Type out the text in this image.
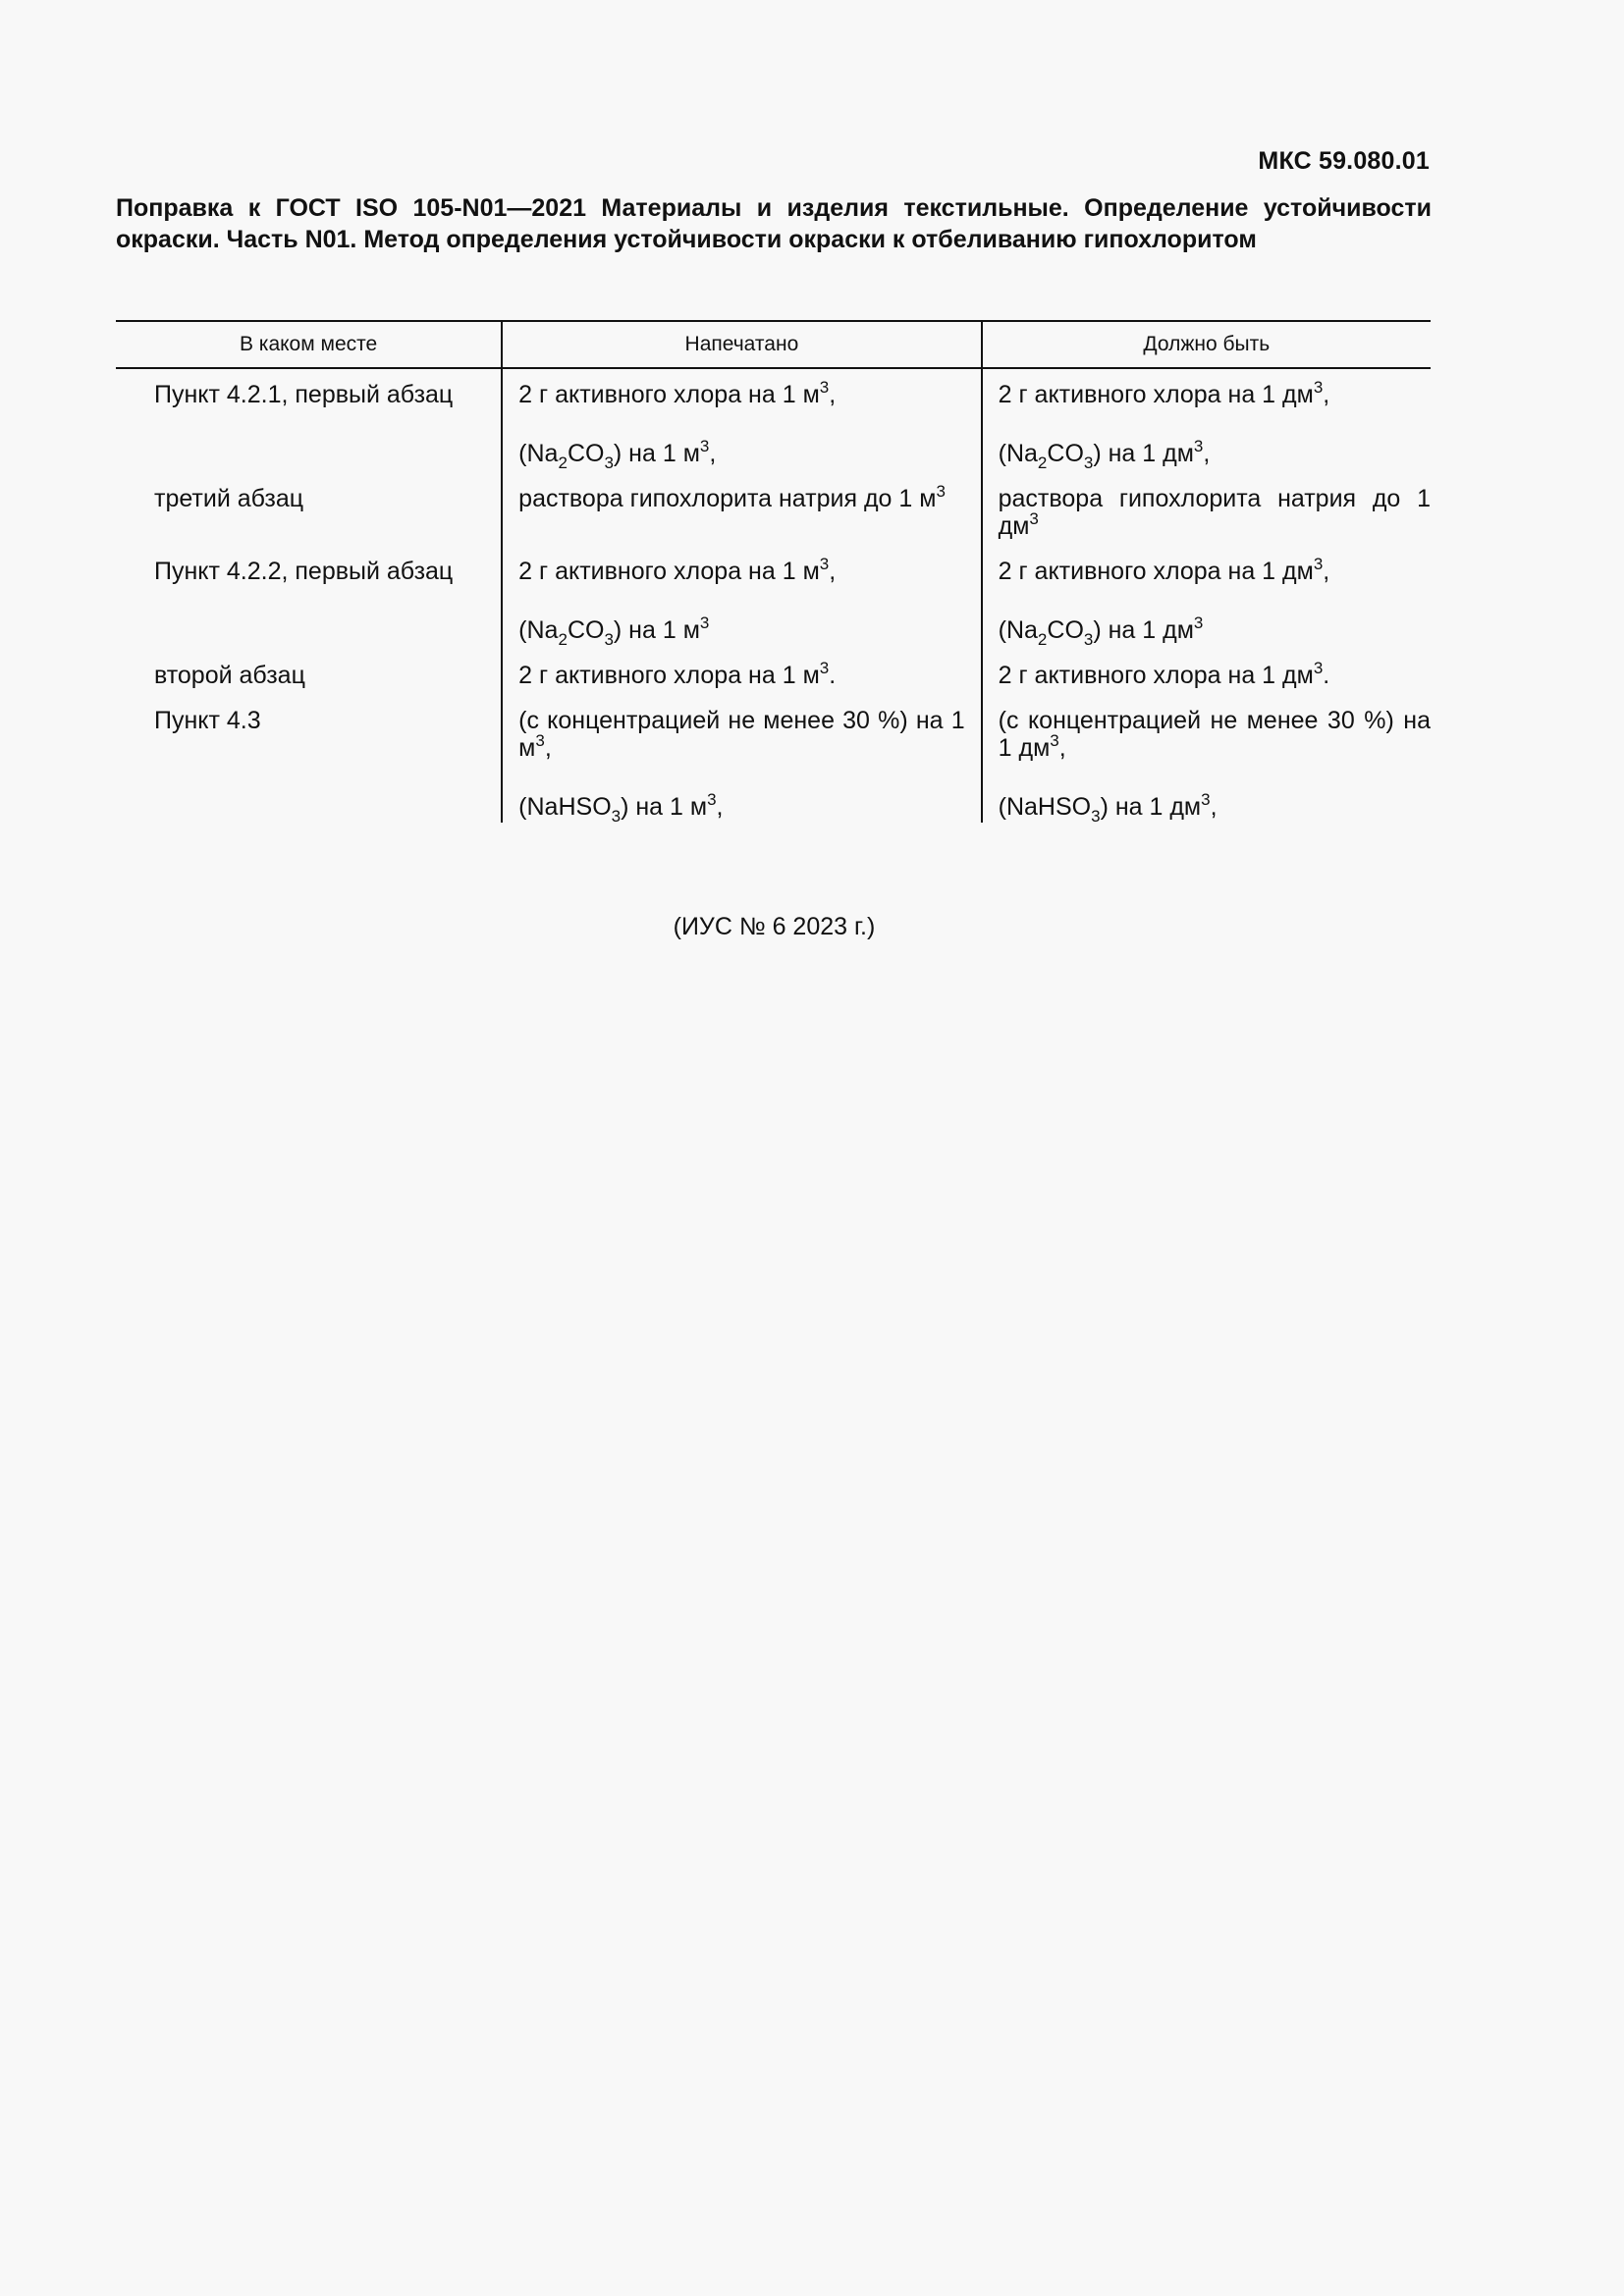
МКС 59.080.01

Поправка к ГОСТ ISO 105-N01—2021 Материалы и изделия текстильные. Определение устойчивости окраски. Часть N01. Метод определения устойчивости окраски к отбеливанию гипохлоритом

В каком месте	Напечатано	Должно быть
Пункт 4.2.1, первый абзац	2 г активного хлора на 1 $м^3$,	2 г активного хлора на 1 $дм^3$,
	$(Na_2CO_3)$ на 1 $м^3$,	$(Na_2CO_3)$ на 1 $дм^3$,
третий абзац	раствора гипохлорита натрия до 1 $м^3$	раствора гипохлорита натрия до 1 $дм^3$
Пункт 4.2.2, первый абзац	2 г активного хлора на 1 $м^3$,	2 г активного хлора на 1 $дм^3$,
	$(Na_2CO_3)$ на 1 $м^3$	$(Na_2CO_3)$ на 1 $дм^3$
второй абзац	2 г активного хлора на 1 $м^3$.	2 г активного хлора на 1 $дм^3$.
Пункт 4.3	(с концентрацией не менее 30 %) на 1 $м^3$,	(с концентрацией не менее 30 %) на 1 $дм^3$,
	(NaHSO$_3$) на 1 $м^3$,	(NaHSO$_3$) на 1 $дм^3$,
(ИУС № 6 2023 г.)
